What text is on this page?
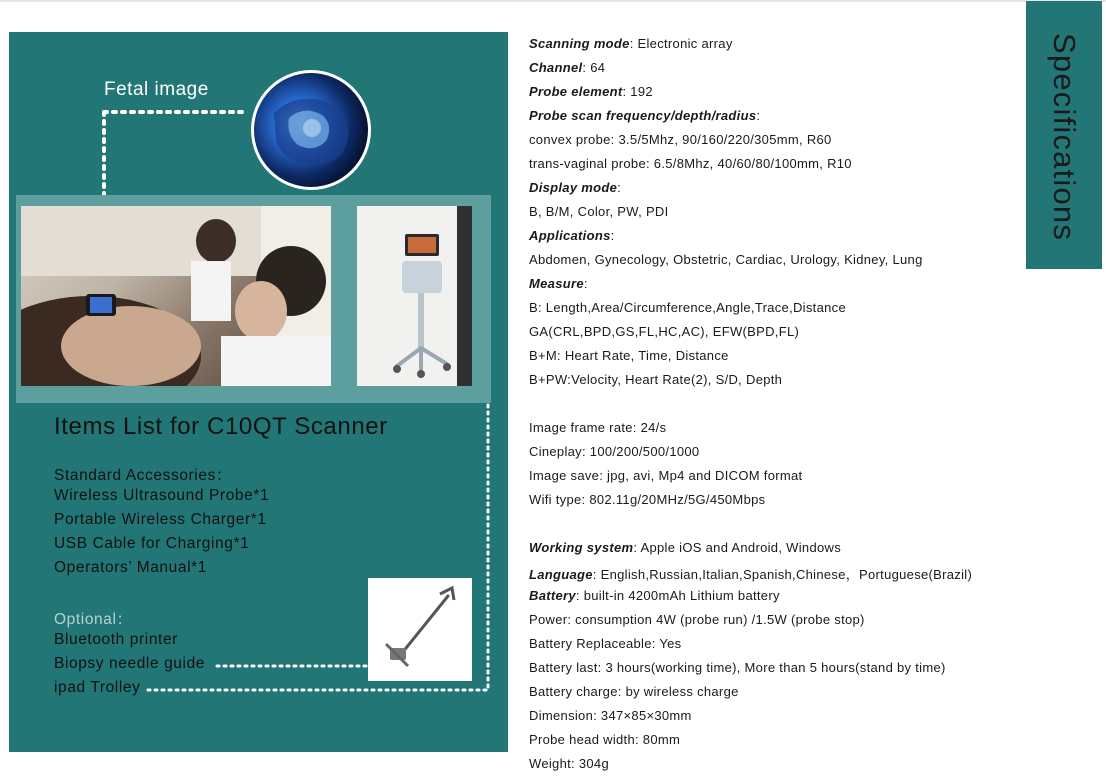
Fetal image
Items List for C10QT Scanner
Standard Accessories：
Wireless Ultrasound Probe*1
Portable Wireless Charger*1
USB Cable for Charging*1
Operators’ Manual*1
Optional：
Bluetooth printer
Biopsy needle guide
ipad Trolley
Specifications
Scanning mode: Electronic array
Channel: 64
Probe element: 192
Probe scan frequency/depth/radius:
convex probe: 3.5/5Mhz, 90/160/220/305mm, R60
trans-vaginal probe: 6.5/8Mhz, 40/60/80/100mm, R10
Display mode:
B, B/M, Color, PW, PDI
Applications:
Abdomen, Gynecology, Obstetric, Cardiac, Urology, Kidney, Lung
Measure:
B: Length,Area/Circumference,Angle,Trace,Distance
GA(CRL,BPD,GS,FL,HC,AC), EFW(BPD,FL)
B+M: Heart Rate, Time, Distance
B+PW:Velocity, Heart Rate(2), S/D, Depth
Image frame rate: 24/s
Cineplay: 100/200/500/1000
Image save: jpg, avi, Mp4 and DICOM format
Wifi type: 802.11g/20MHz/5G/450Mbps
Working system: Apple iOS and Android, Windows
Language: English,Russian,Italian,Spanish,Chinese，Portuguese(Brazil)
Battery: built-in 4200mAh Lithium battery
Power: consumption 4W (probe run) /1.5W (probe stop)
Battery Replaceable: Yes
Battery last: 3 hours(working time), More than 5 hours(stand by time)
Battery charge: by wireless charge
Dimension: 347×85×30mm
Probe head width: 80mm
Weight: 304g
